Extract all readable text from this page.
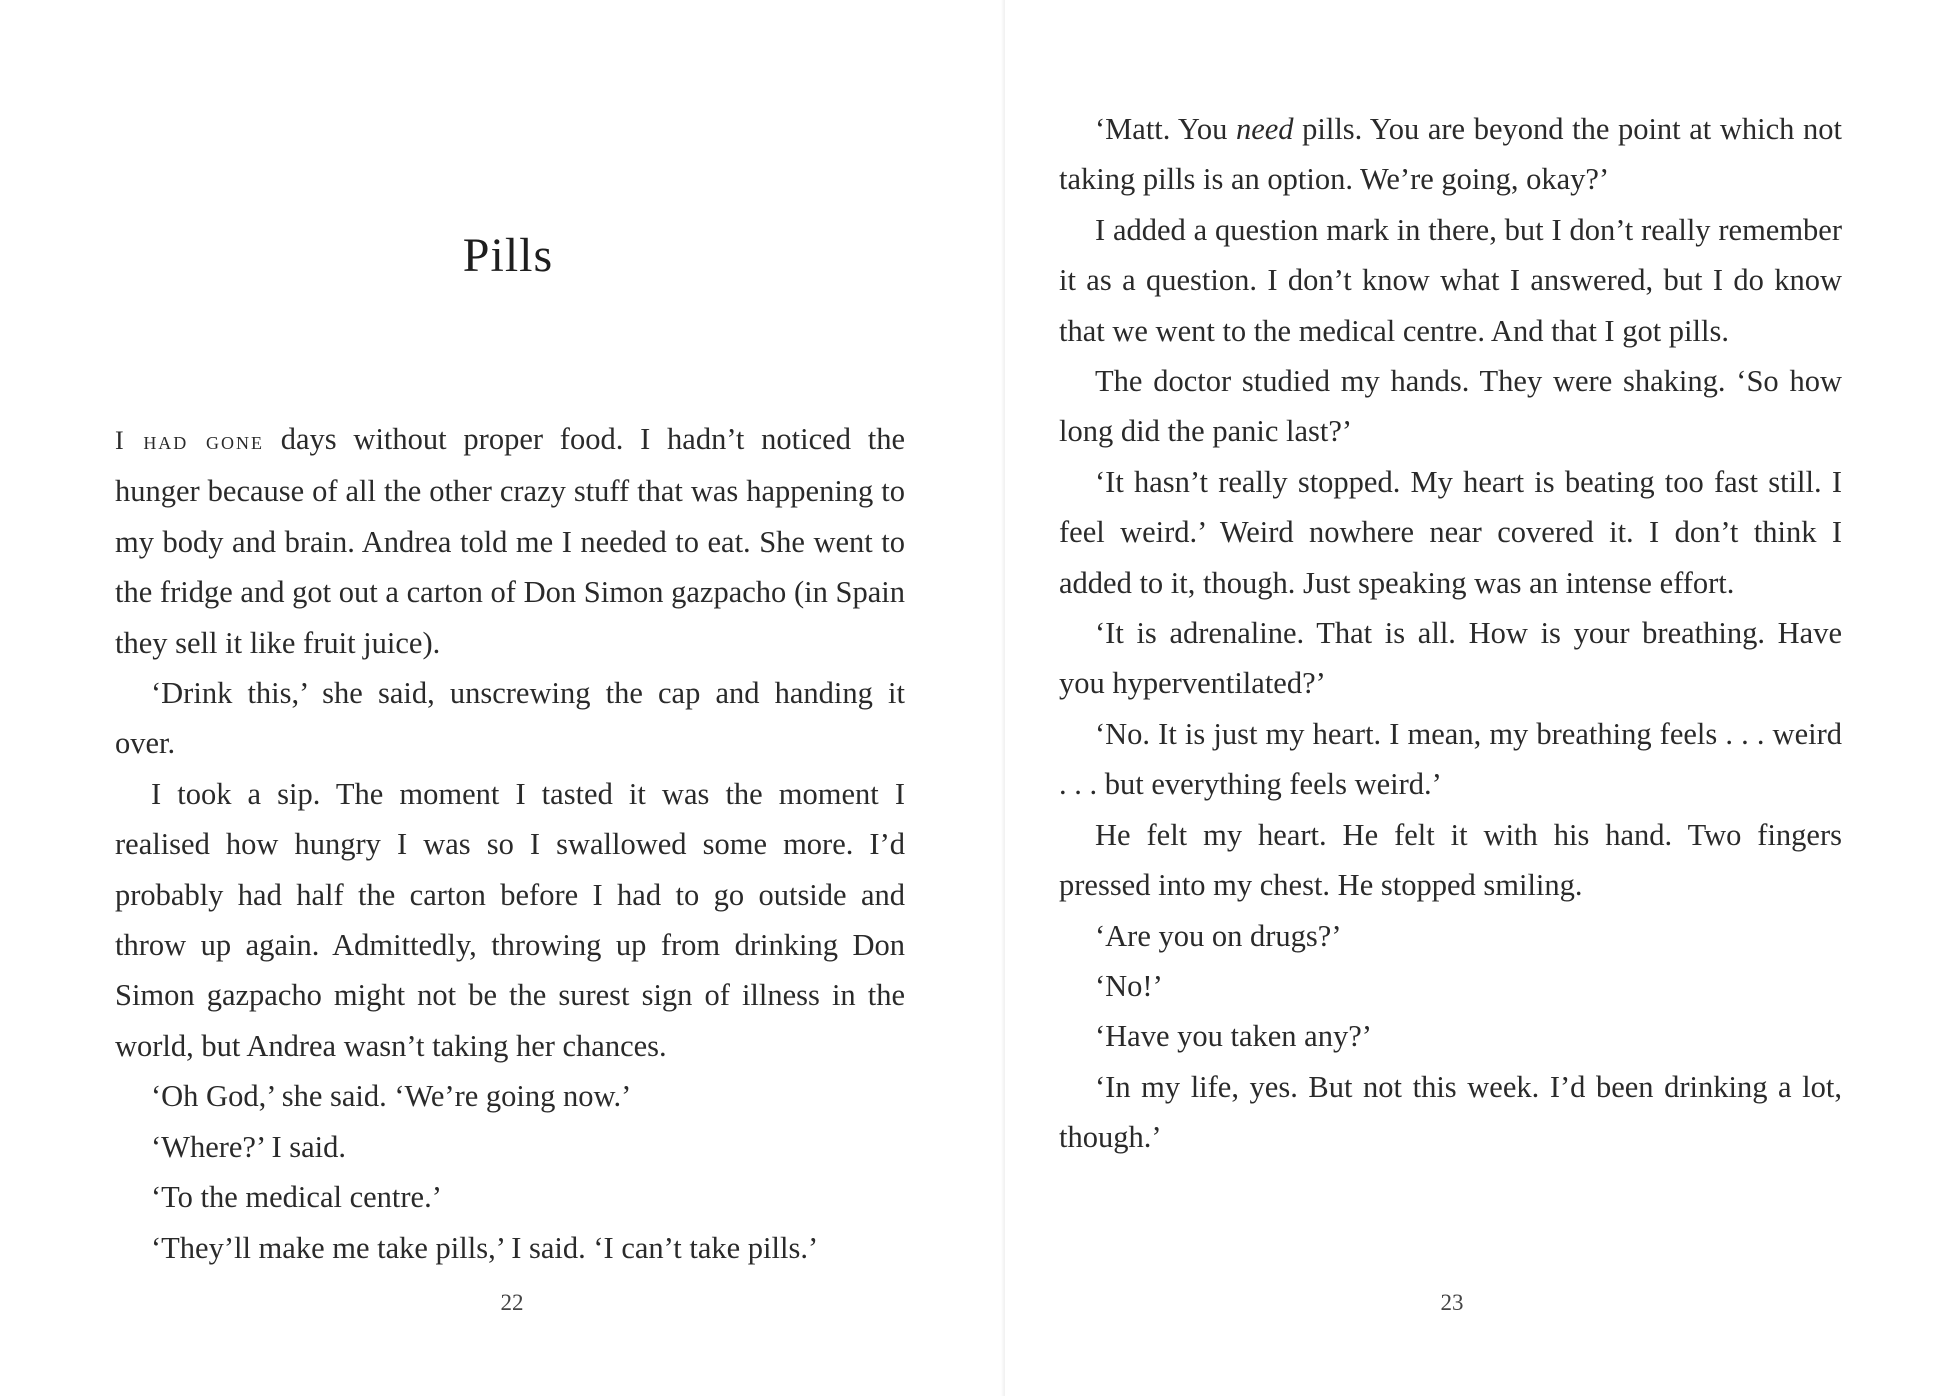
Pills

I had gone days without proper food. I hadn’t noticed the hunger because of all the other crazy stuff that was happening to my body and brain. Andrea told me I needed to eat. She went to the fridge and got out a carton of Don Simon gazpacho (in Spain they sell it like fruit juice).

‘Drink this,’ she said, unscrewing the cap and handing it over.

I took a sip. The moment I tasted it was the moment I realised how hungry I was so I swallowed some more. I’d probably had half the carton before I had to go outside and throw up again. Admittedly, throwing up from drinking Don Simon gazpacho might not be the surest sign of illness in the world, but Andrea wasn’t taking her chances.

‘Oh God,’ she said. ‘We’re going now.’

‘Where?’ I said.

‘To the medical centre.’

‘They’ll make me take pills,’ I said. ‘I can’t take pills.’

22

‘Matt. You need pills. You are beyond the point at which not taking pills is an option. We’re going, okay?’

I added a question mark in there, but I don’t really remember it as a question. I don’t know what I answered, but I do know that we went to the medical centre. And that I got pills.

The doctor studied my hands. They were shaking. ‘So how long did the panic last?’

‘It hasn’t really stopped. My heart is beating too fast still. I feel weird.’ Weird nowhere near covered it. I don’t think I added to it, though. Just speaking was an intense effort.

‘It is adrenaline. That is all. How is your breathing. Have you hyperventilated?’

‘No. It is just my heart. I mean, my breathing feels . . . weird . . . but everything feels weird.’

He felt my heart. He felt it with his hand. Two fingers pressed into my chest. He stopped smiling.

‘Are you on drugs?’

‘No!’

‘Have you taken any?’

‘In my life, yes. But not this week. I’d been drinking a lot, though.’

23
